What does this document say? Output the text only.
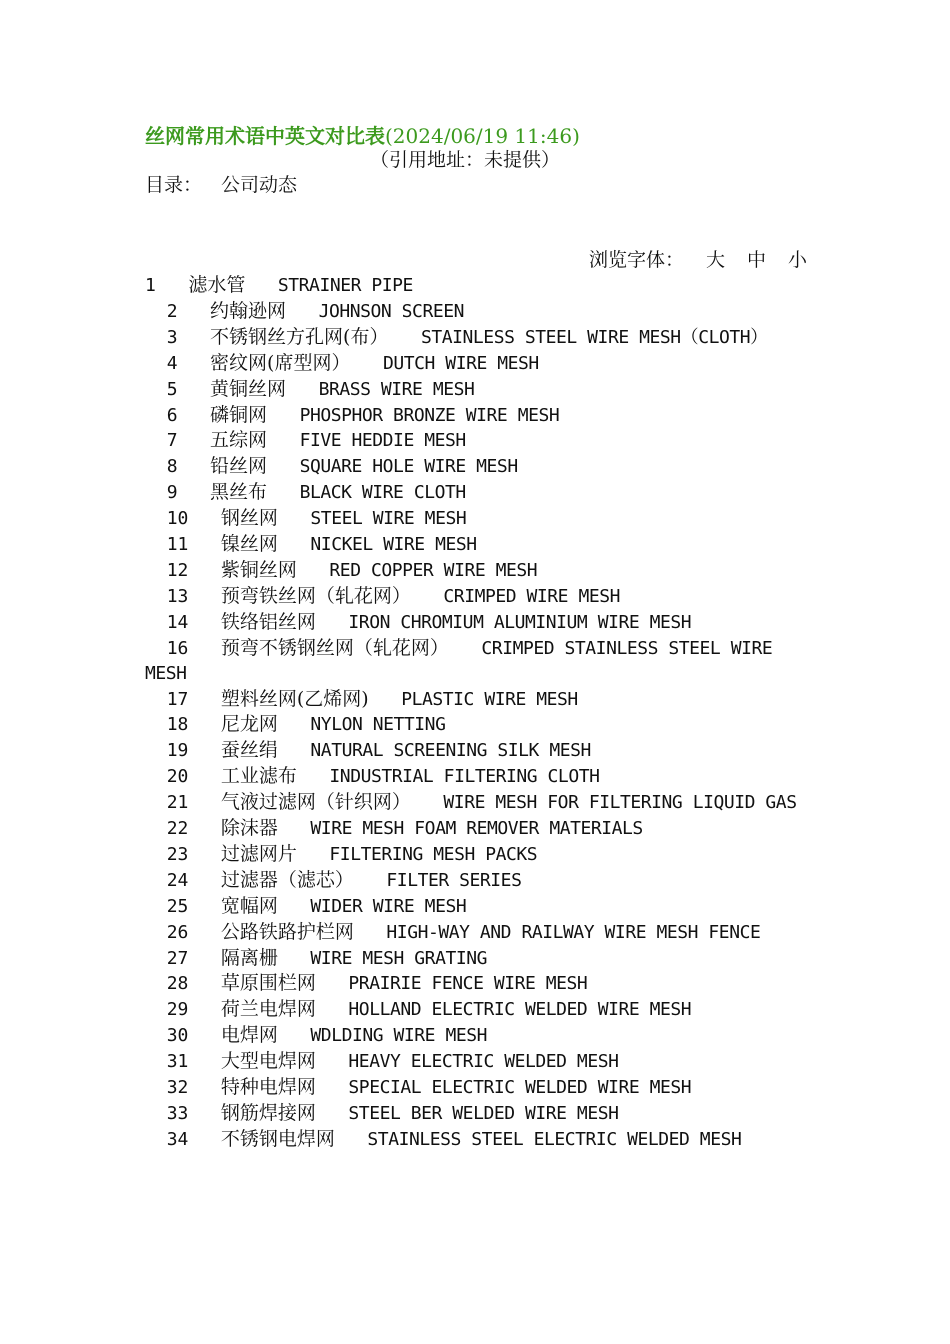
丝网常用术语中英文对比表(2024/06/19 11:46)
（引用地址：未提供）
目录： 公司动态
浏览字体： 大 中 小
1 滤水管 STRAINER PIPE
2 约翰逊网 JOHNSON SCREEN
3 不锈钢丝方孔网(布） STAINLESS STEEL WIRE MESH（CLOTH）
4 密纹网(席型网） DUTCH WIRE MESH
5 黄铜丝网 BRASS WIRE MESH
6 磷铜网 PHOSPHOR BRONZE WIRE MESH
7 五综网 FIVE HEDDIE MESH
8 铅丝网 SQUARE HOLE WIRE MESH
9 黑丝布 BLACK WIRE CLOTH
10 钢丝网 STEEL WIRE MESH
11 镍丝网 NICKEL WIRE MESH
12 紫铜丝网 RED COPPER WIRE MESH
13 预弯铁丝网（轧花网） CRIMPED WIRE MESH
14 铁络铝丝网 IRON CHROMIUM ALUMINIUM WIRE MESH
16 预弯不锈钢丝网（轧花网） CRIMPED STAINLESS STEEL WIRE MESH
17 塑料丝网(乙烯网) PLASTIC WIRE MESH
18 尼龙网 NYLON NETTING
19 蚕丝绢 NATURAL SCREENING SILK MESH
20 工业滤布 INDUSTRIAL FILTERING CLOTH
21 气液过滤网（针织网） WIRE MESH FOR FILTERING LIQUID GAS
22 除沫器 WIRE MESH FOAM REMOVER MATERIALS
23 过滤网片 FILTERING MESH PACKS
24 过滤器（滤芯） FILTER SERIES
25 宽幅网 WIDER WIRE MESH
26 公路铁路护栏网 HIGH-WAY AND RAILWAY WIRE MESH FENCE
27 隔离栅 WIRE MESH GRATING
28 草原围栏网 PRAIRIE FENCE WIRE MESH
29 荷兰电焊网 HOLLAND ELECTRIC WELDED WIRE MESH
30 电焊网 WDLDING WIRE MESH
31 大型电焊网 HEAVY ELECTRIC WELDED MESH
32 特种电焊网 SPECIAL ELECTRIC WELDED WIRE MESH
33 钢筋焊接网 STEEL BER WELDED WIRE MESH
34 不锈钢电焊网 STAINLESS STEEL ELECTRIC WELDED MESH
